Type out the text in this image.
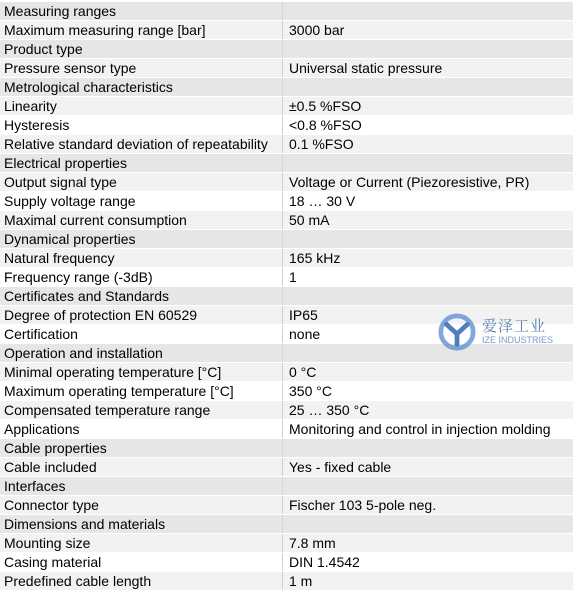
Measuring ranges
Maximum measuring range [bar]	3000 bar
Product type
Pressure sensor type	Universal static pressure
Metrological characteristics
Linearity	±0.5 %FSO
Hysteresis	<0.8 %FSO
Relative standard deviation of repeatability	0.1 %FSO
Electrical properties
Output signal type	Voltage or Current (Piezoresistive, PR)
Supply voltage range	18 … 30 V
Maximal current consumption	50 mA
Dynamical properties
Natural frequency	165 kHz
Frequency range (-3dB)	1
Certificates and Standards
Degree of protection EN 60529	IP65
Certification	none
Operation and installation
Minimal operating temperature [°C]	0 °C
Maximum operating temperature [°C]	350 °C
Compensated temperature range	25 … 350 °C
Applications	Monitoring and control in injection molding
Cable properties
Cable included	Yes - fixed cable
Interfaces
Connector type	Fischer 103 5-pole neg.
Dimensions and materials
Mounting size	7.8 mm
Casing material	DIN 1.4542
Predefined cable length	1 m
爱泽工业
IZE INDUSTRIES
